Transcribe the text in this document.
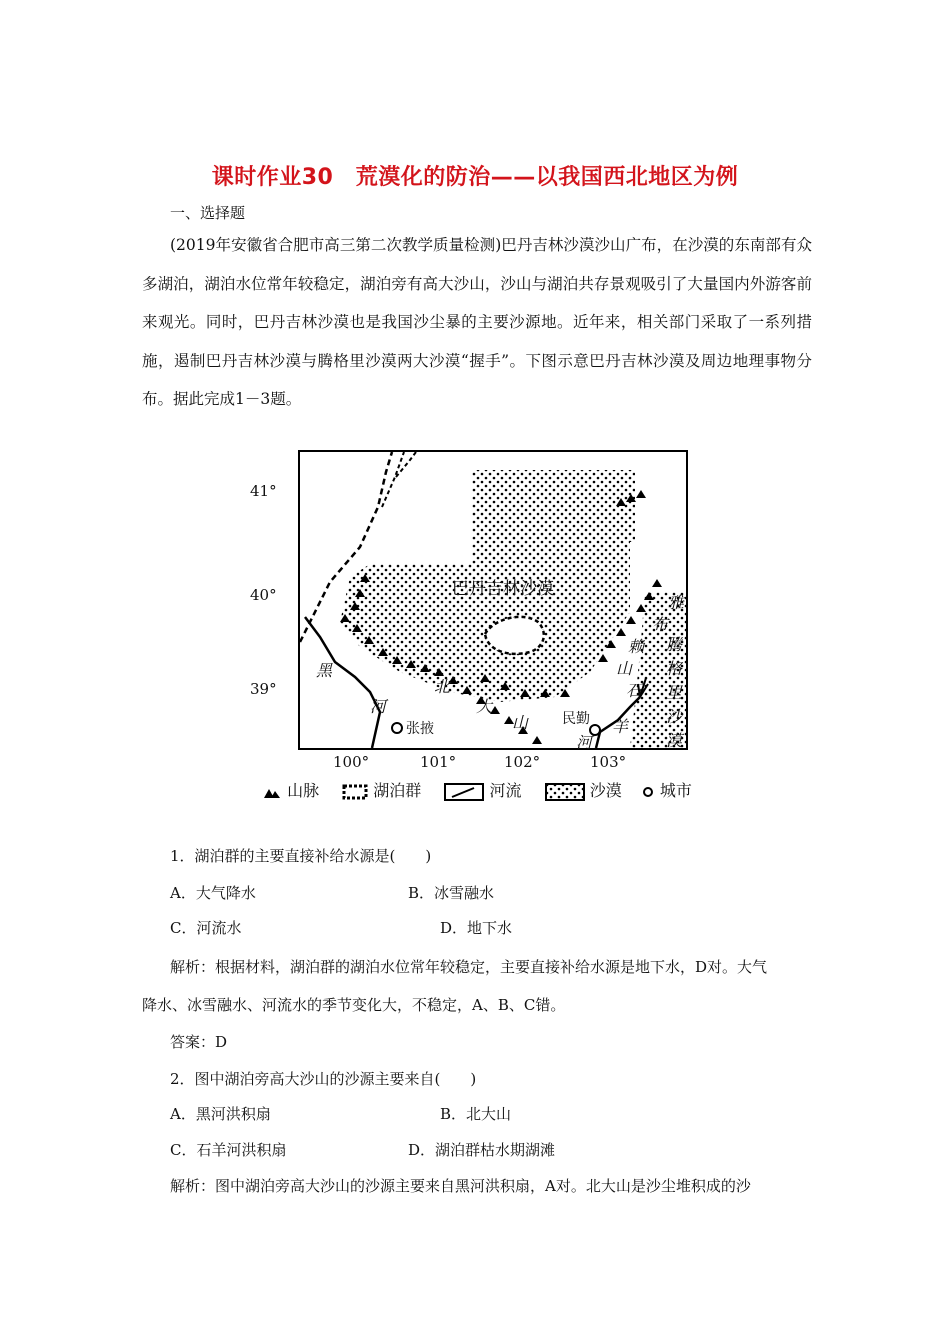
课时作业30　荒漠化的防治——以我国西北地区为例
一、选择题
(2019年安徽省合肥市高三第二次教学质量检测)巴丹吉林沙漠沙山广布，在沙漠的东南部有众多湖泊，湖泊水位常年较稳定，湖泊旁有高大沙山，沙山与湖泊共存景观吸引了大量国内外游客前来观光。同时，巴丹吉林沙漠也是我国沙尘暴的主要沙源地。近年来，相关部门采取了一系列措施，遏制巴丹吉林沙漠与腾格里沙漠两大沙漠“握手”。下图示意巴丹吉林沙漠及周边地理事物分布。据此完成1－3题。
41°
40°
39°
巴丹吉林沙漠
雅
布
赖
山
腾
格
里
沙
漠
黑
河
北
大
山
石
羊
民勤
河
张掖
100°	101°	102°	103°
山脉	湖泊群	河流	沙漠 城市
1．湖泊群的主要直接补给水源是(　　)
A．大气降水	B．冰雪融水
C．河流水	D．地下水
解析：根据材料，湖泊群的湖泊水位常年较稳定，主要直接补给水源是地下水，D对。大气
降水、冰雪融水、河流水的季节变化大，不稳定，A、B、C错。
答案：D
2．图中湖泊旁高大沙山的沙源主要来自(　　)
A．黑河洪积扇	B．北大山
C．石羊河洪积扇	D．湖泊群枯水期湖滩
解析：图中湖泊旁高大沙山的沙源主要来自黑河洪积扇，A对。北大山是沙尘堆积成的沙
